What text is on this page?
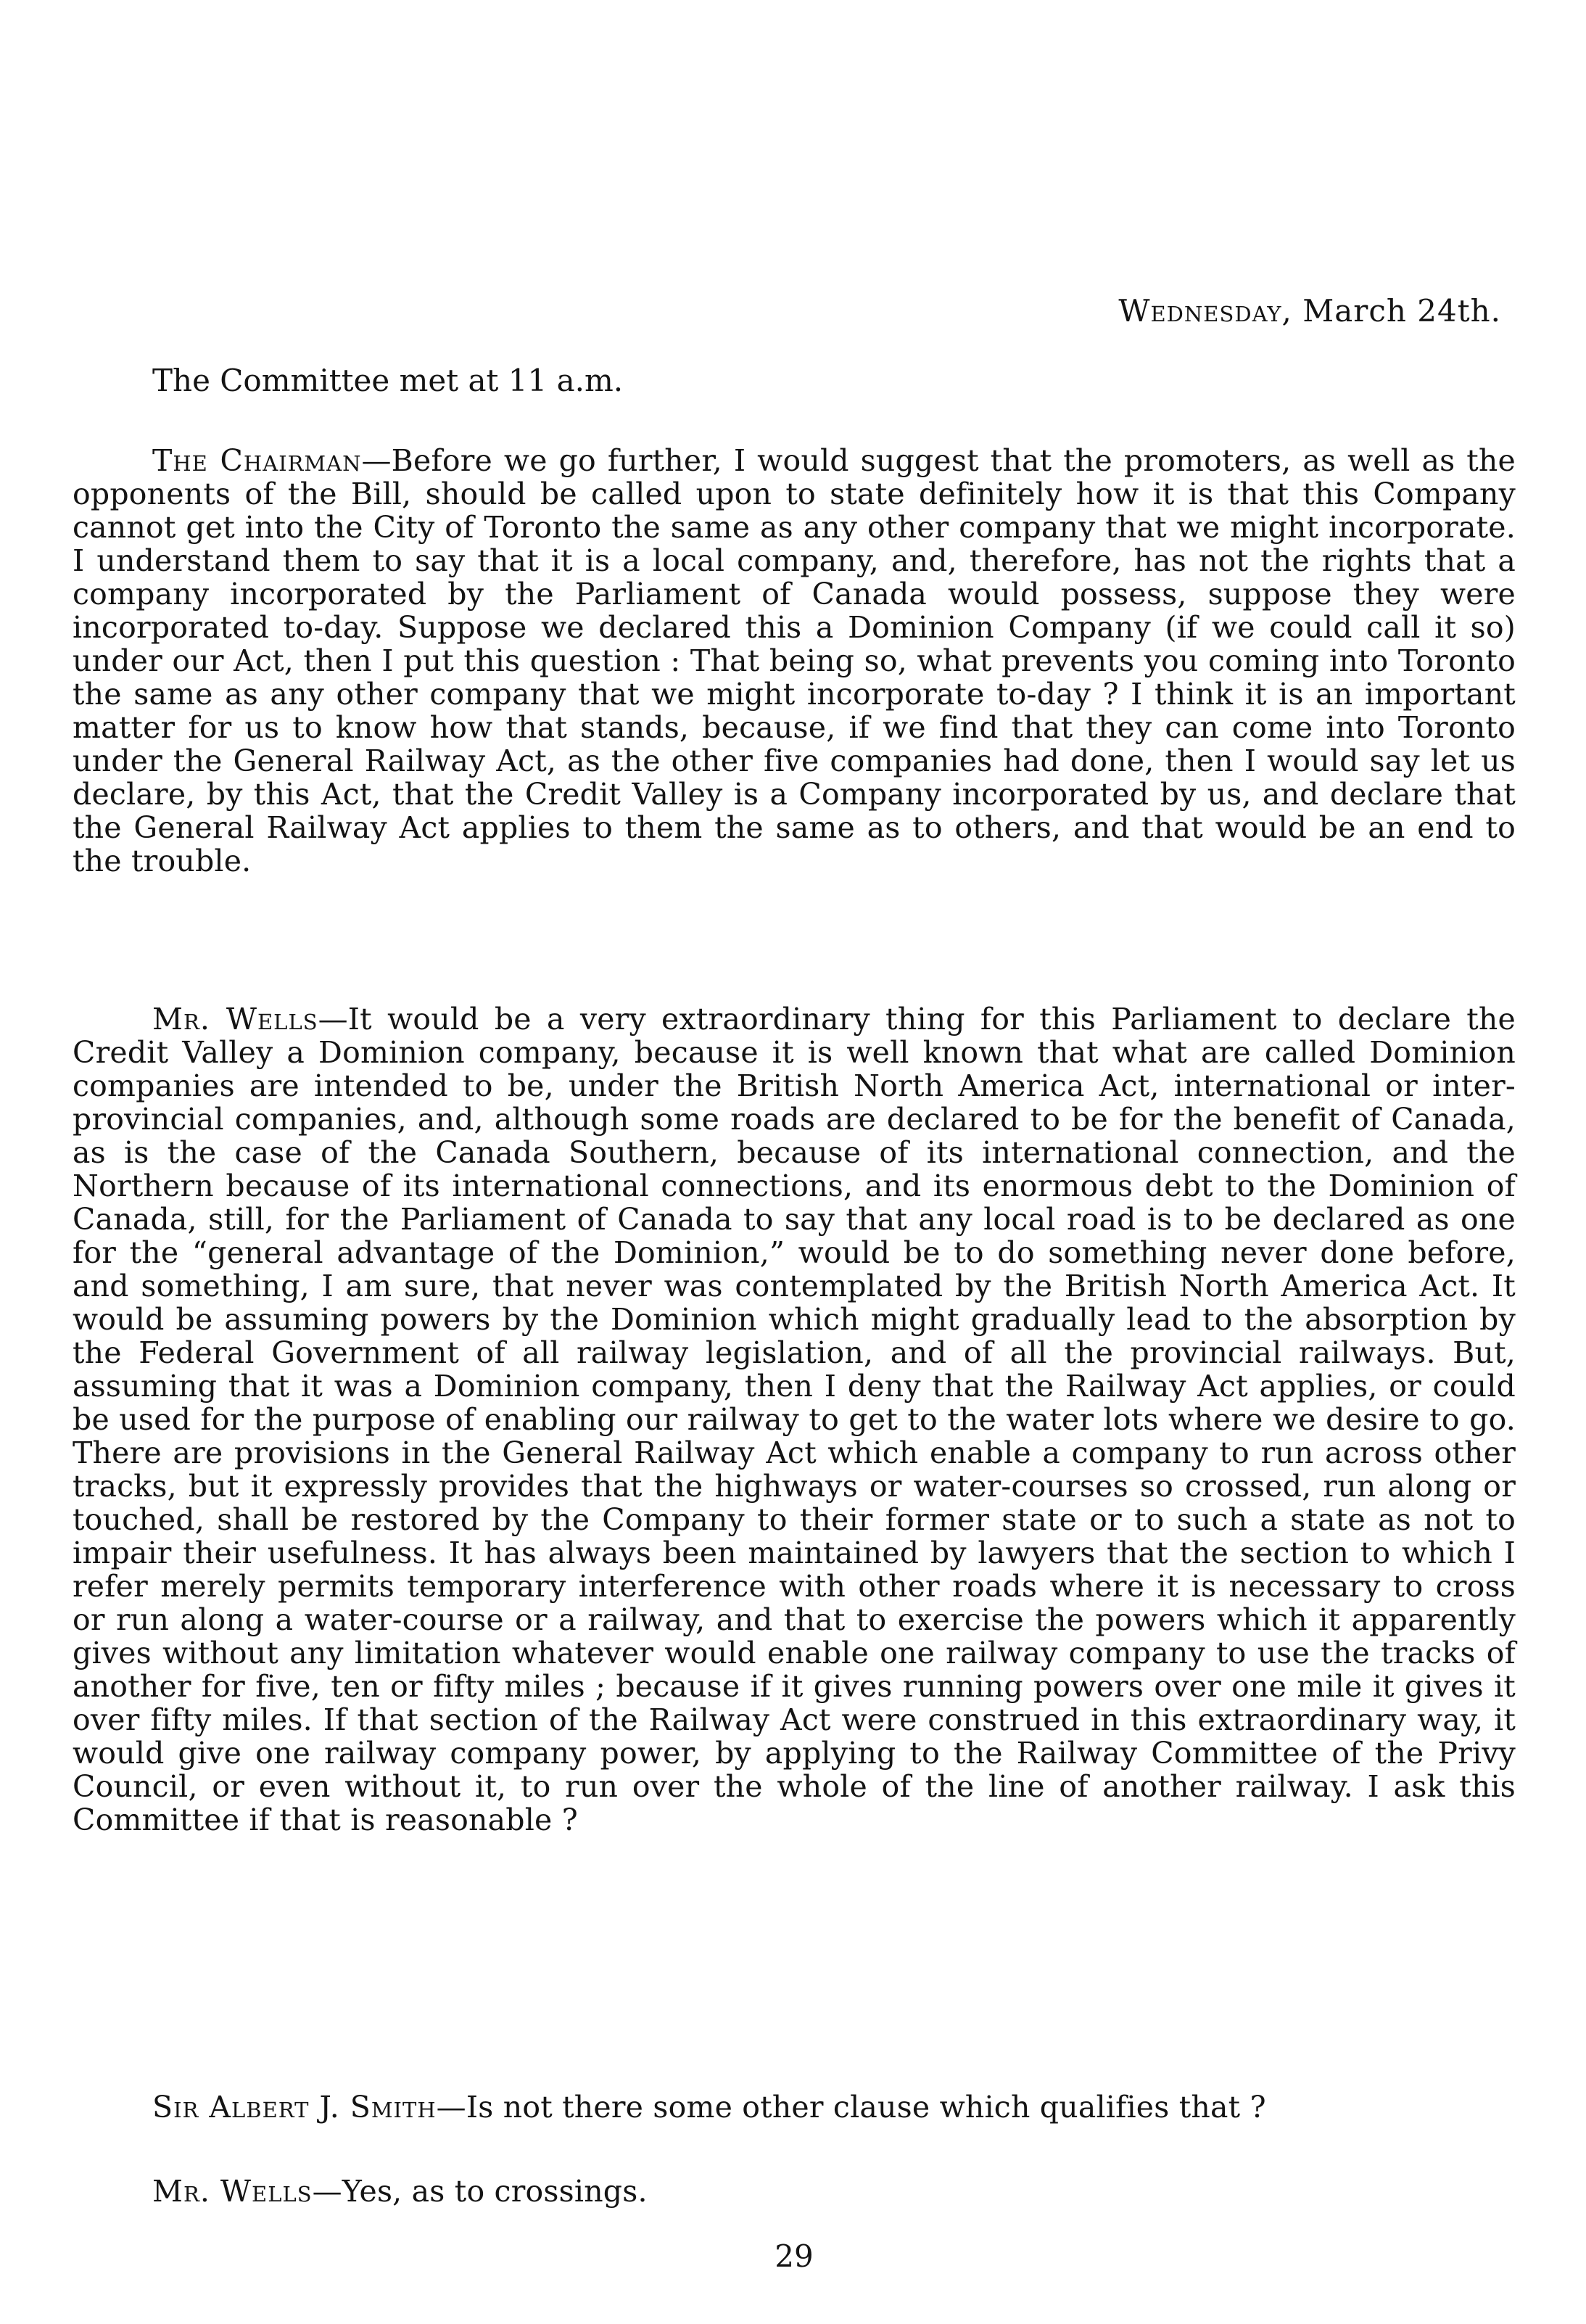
Wednesday, March 24th.
The Committee met at 11 a.m.

The Chairman—Before we go further, I would suggest that the promoters, as well as the opponents of the Bill, should be called upon to state definitely how it is that this Company cannot get into the City of Toronto the same as any other company that we might incorporate. I understand them to say that it is a local company, and, therefore, has not the rights that a company incorporated by the Parliament of Canada would possess, suppose they were incorporated to-day. Suppose we declared this a Dominion Company (if we could call it so) under our Act, then I put this question : That being so, what prevents you coming into Toronto the same as any other company that we might incorporate to-day ? I think it is an important matter for us to know how that stands, because, if we find that they can come into Toronto under the General Railway Act, as the other five companies had done, then I would say let us declare, by this Act, that the Credit Valley is a Company incorporated by us, and declare that the General Railway Act applies to them the same as to others, and that would be an end to the trouble.

Mr. Wells—It would be a very extraordinary thing for this Parliament to declare the Credit Valley a Dominion company, because it is well known that what are called Dominion companies are intended to be, under the British North America Act, international or inter-provincial companies, and, although some roads are declared to be for the benefit of Canada, as is the case of the Canada Southern, because of its international connection, and the Northern because of its international connections, and its enormous debt to the Dominion of Canada, still, for the Parliament of Canada to say that any local road is to be declared as one for the “general advantage of the Dominion,” would be to do something never done before, and something, I am sure, that never was contemplated by the British North America Act. It would be assuming powers by the Dominion which might gradually lead to the absorption by the Federal Government of all railway legislation, and of all the provincial railways. But, assuming that it was a Dominion company, then I deny that the Railway Act applies, or could be used for the purpose of enabling our railway to get to the water lots where we desire to go. There are provisions in the General Railway Act which enable a company to run across other tracks, but it expressly provides that the highways or water-courses so crossed, run along or touched, shall be restored by the Company to their former state or to such a state as not to impair their usefulness. It has always been maintained by lawyers that the section to which I refer merely permits temporary interference with other roads where it is necessary to cross or run along a water-course or a railway, and that to exercise the powers which it apparently gives without any limitation whatever would enable one railway company to use the tracks of another for five, ten or fifty miles ; because if it gives running powers over one mile it gives it over fifty miles. If that section of the Railway Act were construed in this extraordinary way, it would give one railway company power, by applying to the Railway Committee of the Privy Council, or even without it, to run over the whole of the line of another railway. I ask this Committee if that is reasonable ?

Sir Albert J. Smith—Is not there some other clause which qualifies that ?

Mr. Wells—Yes, as to crossings.

29
